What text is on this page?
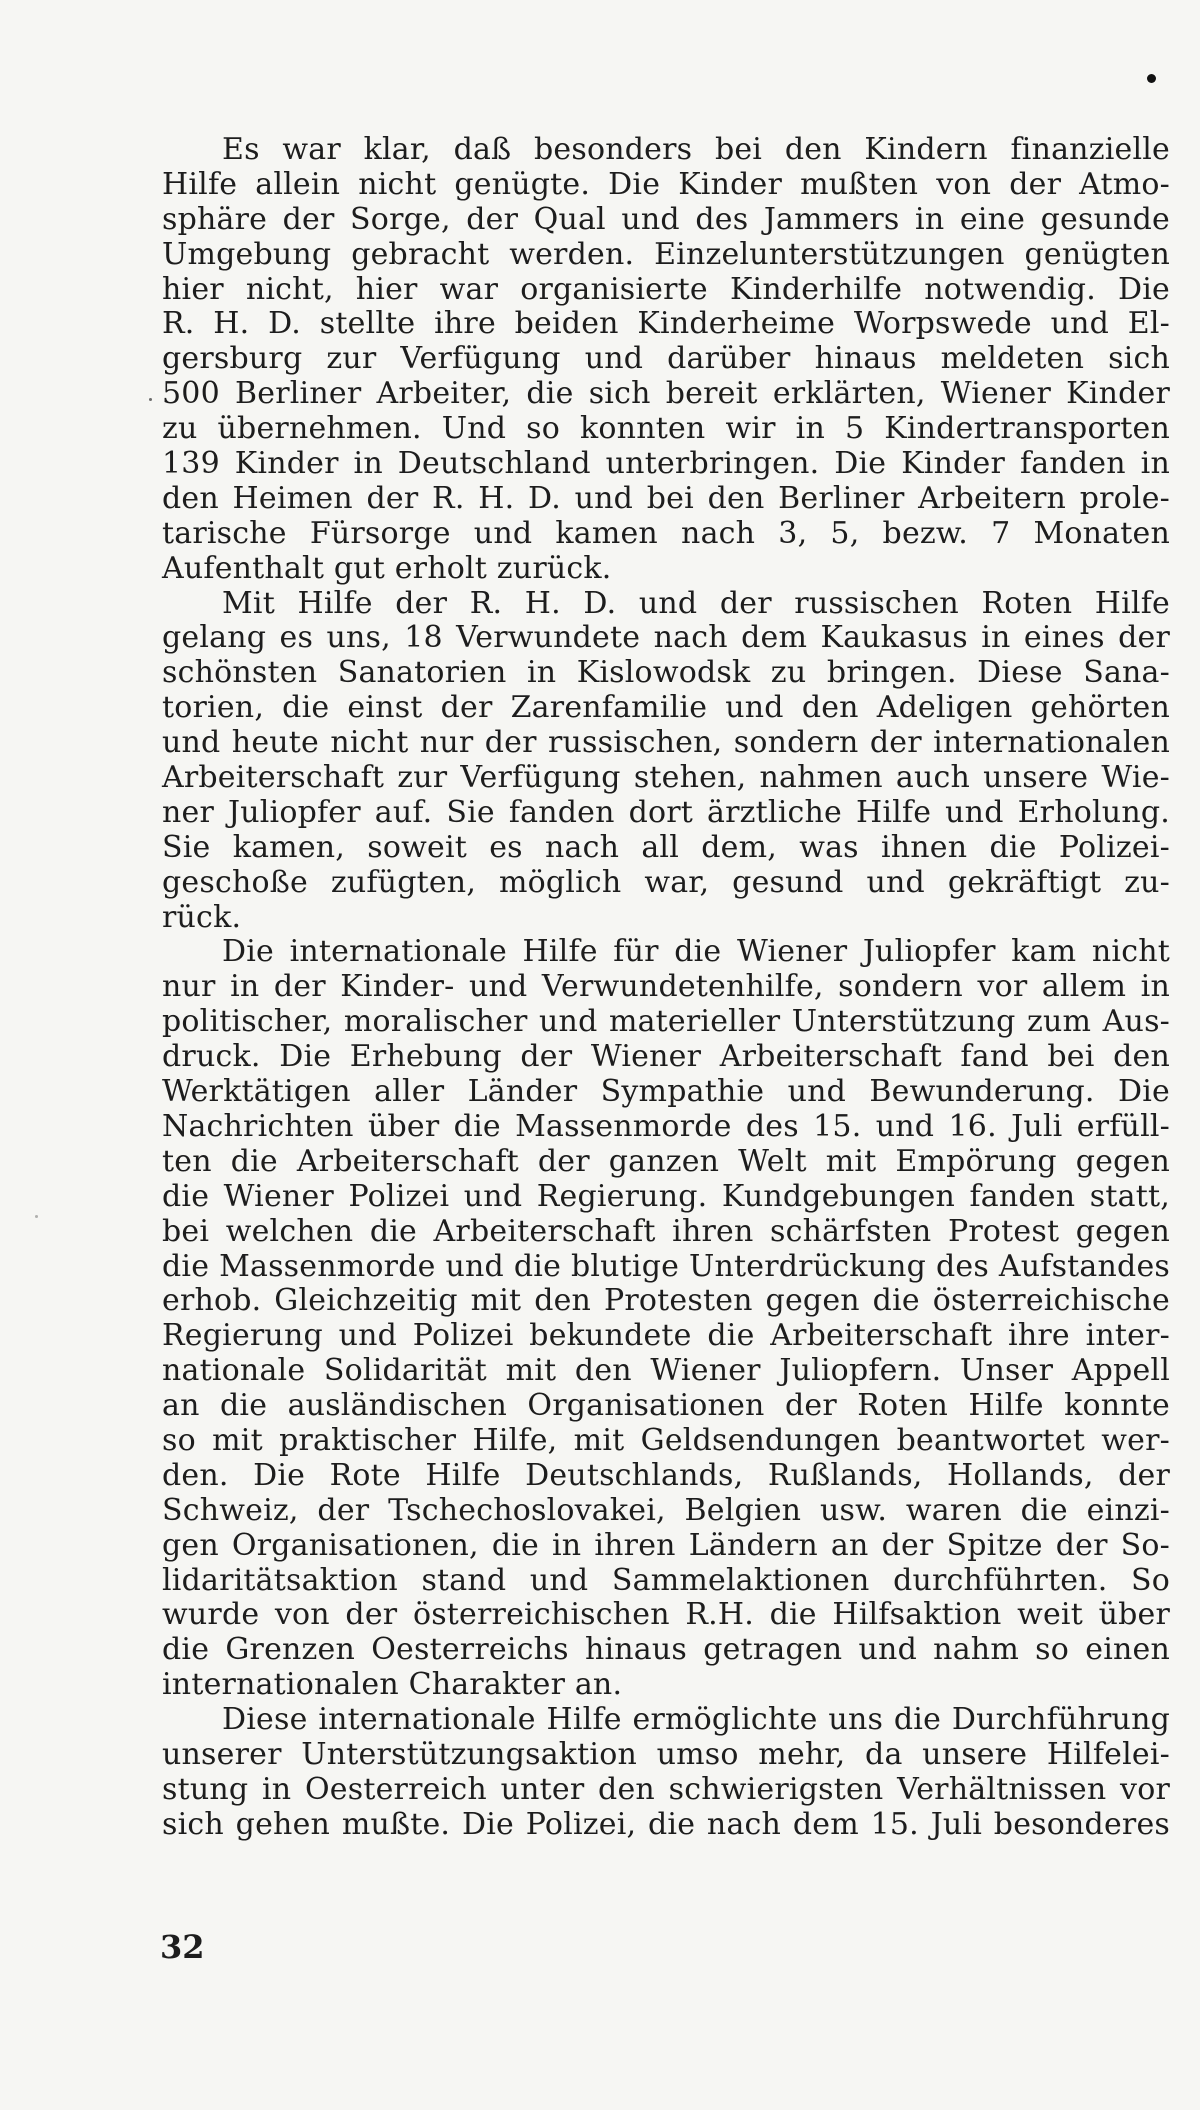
Es war klar, daß besonders bei den Kindern finanzielle
Hilfe allein nicht genügte. Die Kinder mußten von der Atmo-
sphäre der Sorge, der Qual und des Jammers in eine gesunde
Umgebung gebracht werden. Einzelunterstützungen genügten
hier nicht, hier war organisierte Kinderhilfe notwendig. Die
R. H. D. stellte ihre beiden Kinderheime Worpswede und El-
gersburg zur Verfügung und darüber hinaus meldeten sich
500 Berliner Arbeiter, die sich bereit erklärten, Wiener Kinder
zu übernehmen. Und so konnten wir in 5 Kindertransporten
139 Kinder in Deutschland unterbringen. Die Kinder fanden in
den Heimen der R. H. D. und bei den Berliner Arbeitern prole-
tarische Fürsorge und kamen nach 3, 5, bezw. 7 Monaten
Aufenthalt gut erholt zurück.
Mit Hilfe der R. H. D. und der russischen Roten Hilfe
gelang es uns, 18 Verwundete nach dem Kaukasus in eines der
schönsten Sanatorien in Kislowodsk zu bringen. Diese Sana-
torien, die einst der Zarenfamilie und den Adeligen gehörten
und heute nicht nur der russischen, sondern der internationalen
Arbeiterschaft zur Verfügung stehen, nahmen auch unsere Wie-
ner Juliopfer auf. Sie fanden dort ärztliche Hilfe und Erholung.
Sie kamen, soweit es nach all dem, was ihnen die Polizei-
geschoße zufügten, möglich war, gesund und gekräftigt zu-
rück.
Die internationale Hilfe für die Wiener Juliopfer kam nicht
nur in der Kinder- und Verwundetenhilfe, sondern vor allem in
politischer, moralischer und materieller Unterstützung zum Aus-
druck. Die Erhebung der Wiener Arbeiterschaft fand bei den
Werktätigen aller Länder Sympathie und Bewunderung. Die
Nachrichten über die Massenmorde des 15. und 16. Juli erfüll-
ten die Arbeiterschaft der ganzen Welt mit Empörung gegen
die Wiener Polizei und Regierung. Kundgebungen fanden statt,
bei welchen die Arbeiterschaft ihren schärfsten Protest gegen
die Massenmorde und die blutige Unterdrückung des Aufstandes
erhob. Gleichzeitig mit den Protesten gegen die österreichische
Regierung und Polizei bekundete die Arbeiterschaft ihre inter-
nationale Solidarität mit den Wiener Juliopfern. Unser Appell
an die ausländischen Organisationen der Roten Hilfe konnte
so mit praktischer Hilfe, mit Geldsendungen beantwortet wer-
den. Die Rote Hilfe Deutschlands, Rußlands, Hollands, der
Schweiz, der Tschechoslovakei, Belgien usw. waren die einzi-
gen Organisationen, die in ihren Ländern an der Spitze der So-
lidaritätsaktion stand und Sammelaktionen durchführten. So
wurde von der österreichischen R.H. die Hilfsaktion weit über
die Grenzen Oesterreichs hinaus getragen und nahm so einen
internationalen Charakter an.
Diese internationale Hilfe ermöglichte uns die Durchführung
unserer Unterstützungsaktion umso mehr, da unsere Hilfelei-
stung in Oesterreich unter den schwierigsten Verhältnissen vor
sich gehen mußte. Die Polizei, die nach dem 15. Juli besonderes
32
